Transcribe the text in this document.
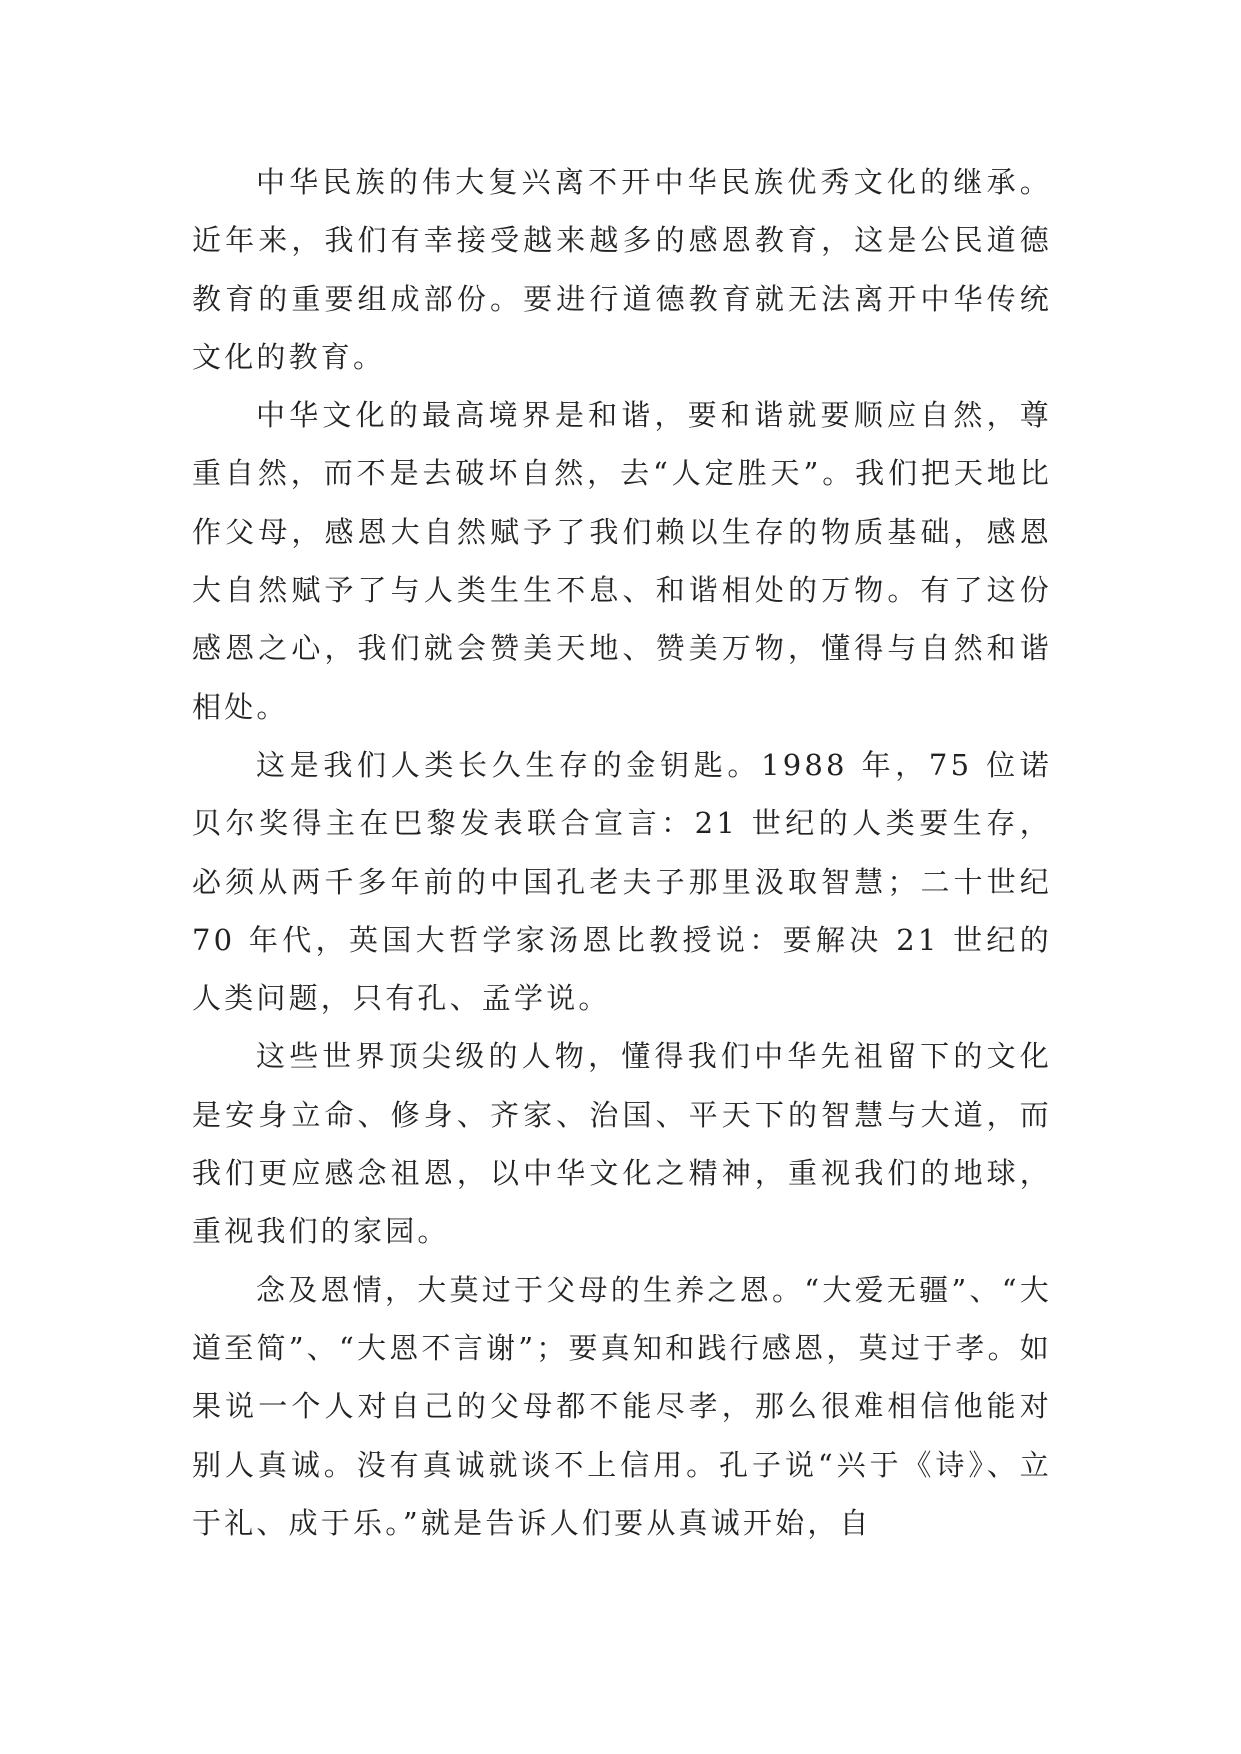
中华民族的伟大复兴离不开中华民族优秀文化的继承。近年来，我们有幸接受越来越多的感恩教育，这是公民道德教育的重要组成部份。要进行道德教育就无法离开中华传统文化的教育。

中华文化的最高境界是和谐，要和谐就要顺应自然，尊重自然，而不是去破坏自然，去“人定胜天”。我们把天地比作父母，感恩大自然赋予了我们赖以生存的物质基础，感恩大自然赋予了与人类生生不息、和谐相处的万物。有了这份感恩之心，我们就会赞美天地、赞美万物，懂得与自然和谐相处。

这是我们人类长久生存的金钥匙。1988 年，75 位诺贝尔奖得主在巴黎发表联合宣言：21 世纪的人类要生存，必须从两千多年前的中国孔老夫子那里汲取智慧；二十世纪 70 年代，英国大哲学家汤恩比教授说：要解决 21 世纪的人类问题，只有孔、孟学说。

这些世界顶尖级的人物，懂得我们中华先祖留下的文化是安身立命、修身、齐家、治国、平天下的智慧与大道，而我们更应感念祖恩，以中华文化之精神，重视我们的地球，重视我们的家园。

念及恩情，大莫过于父母的生养之恩。“大爱无疆”、“大道至简”、“大恩不言谢”；要真知和践行感恩，莫过于孝。如果说一个人对自己的父母都不能尽孝，那么很难相信他能对别人真诚。没有真诚就谈不上信用。孔子说“兴于《诗》、立于礼、成于乐。”就是告诉人们要从真诚开始，自
